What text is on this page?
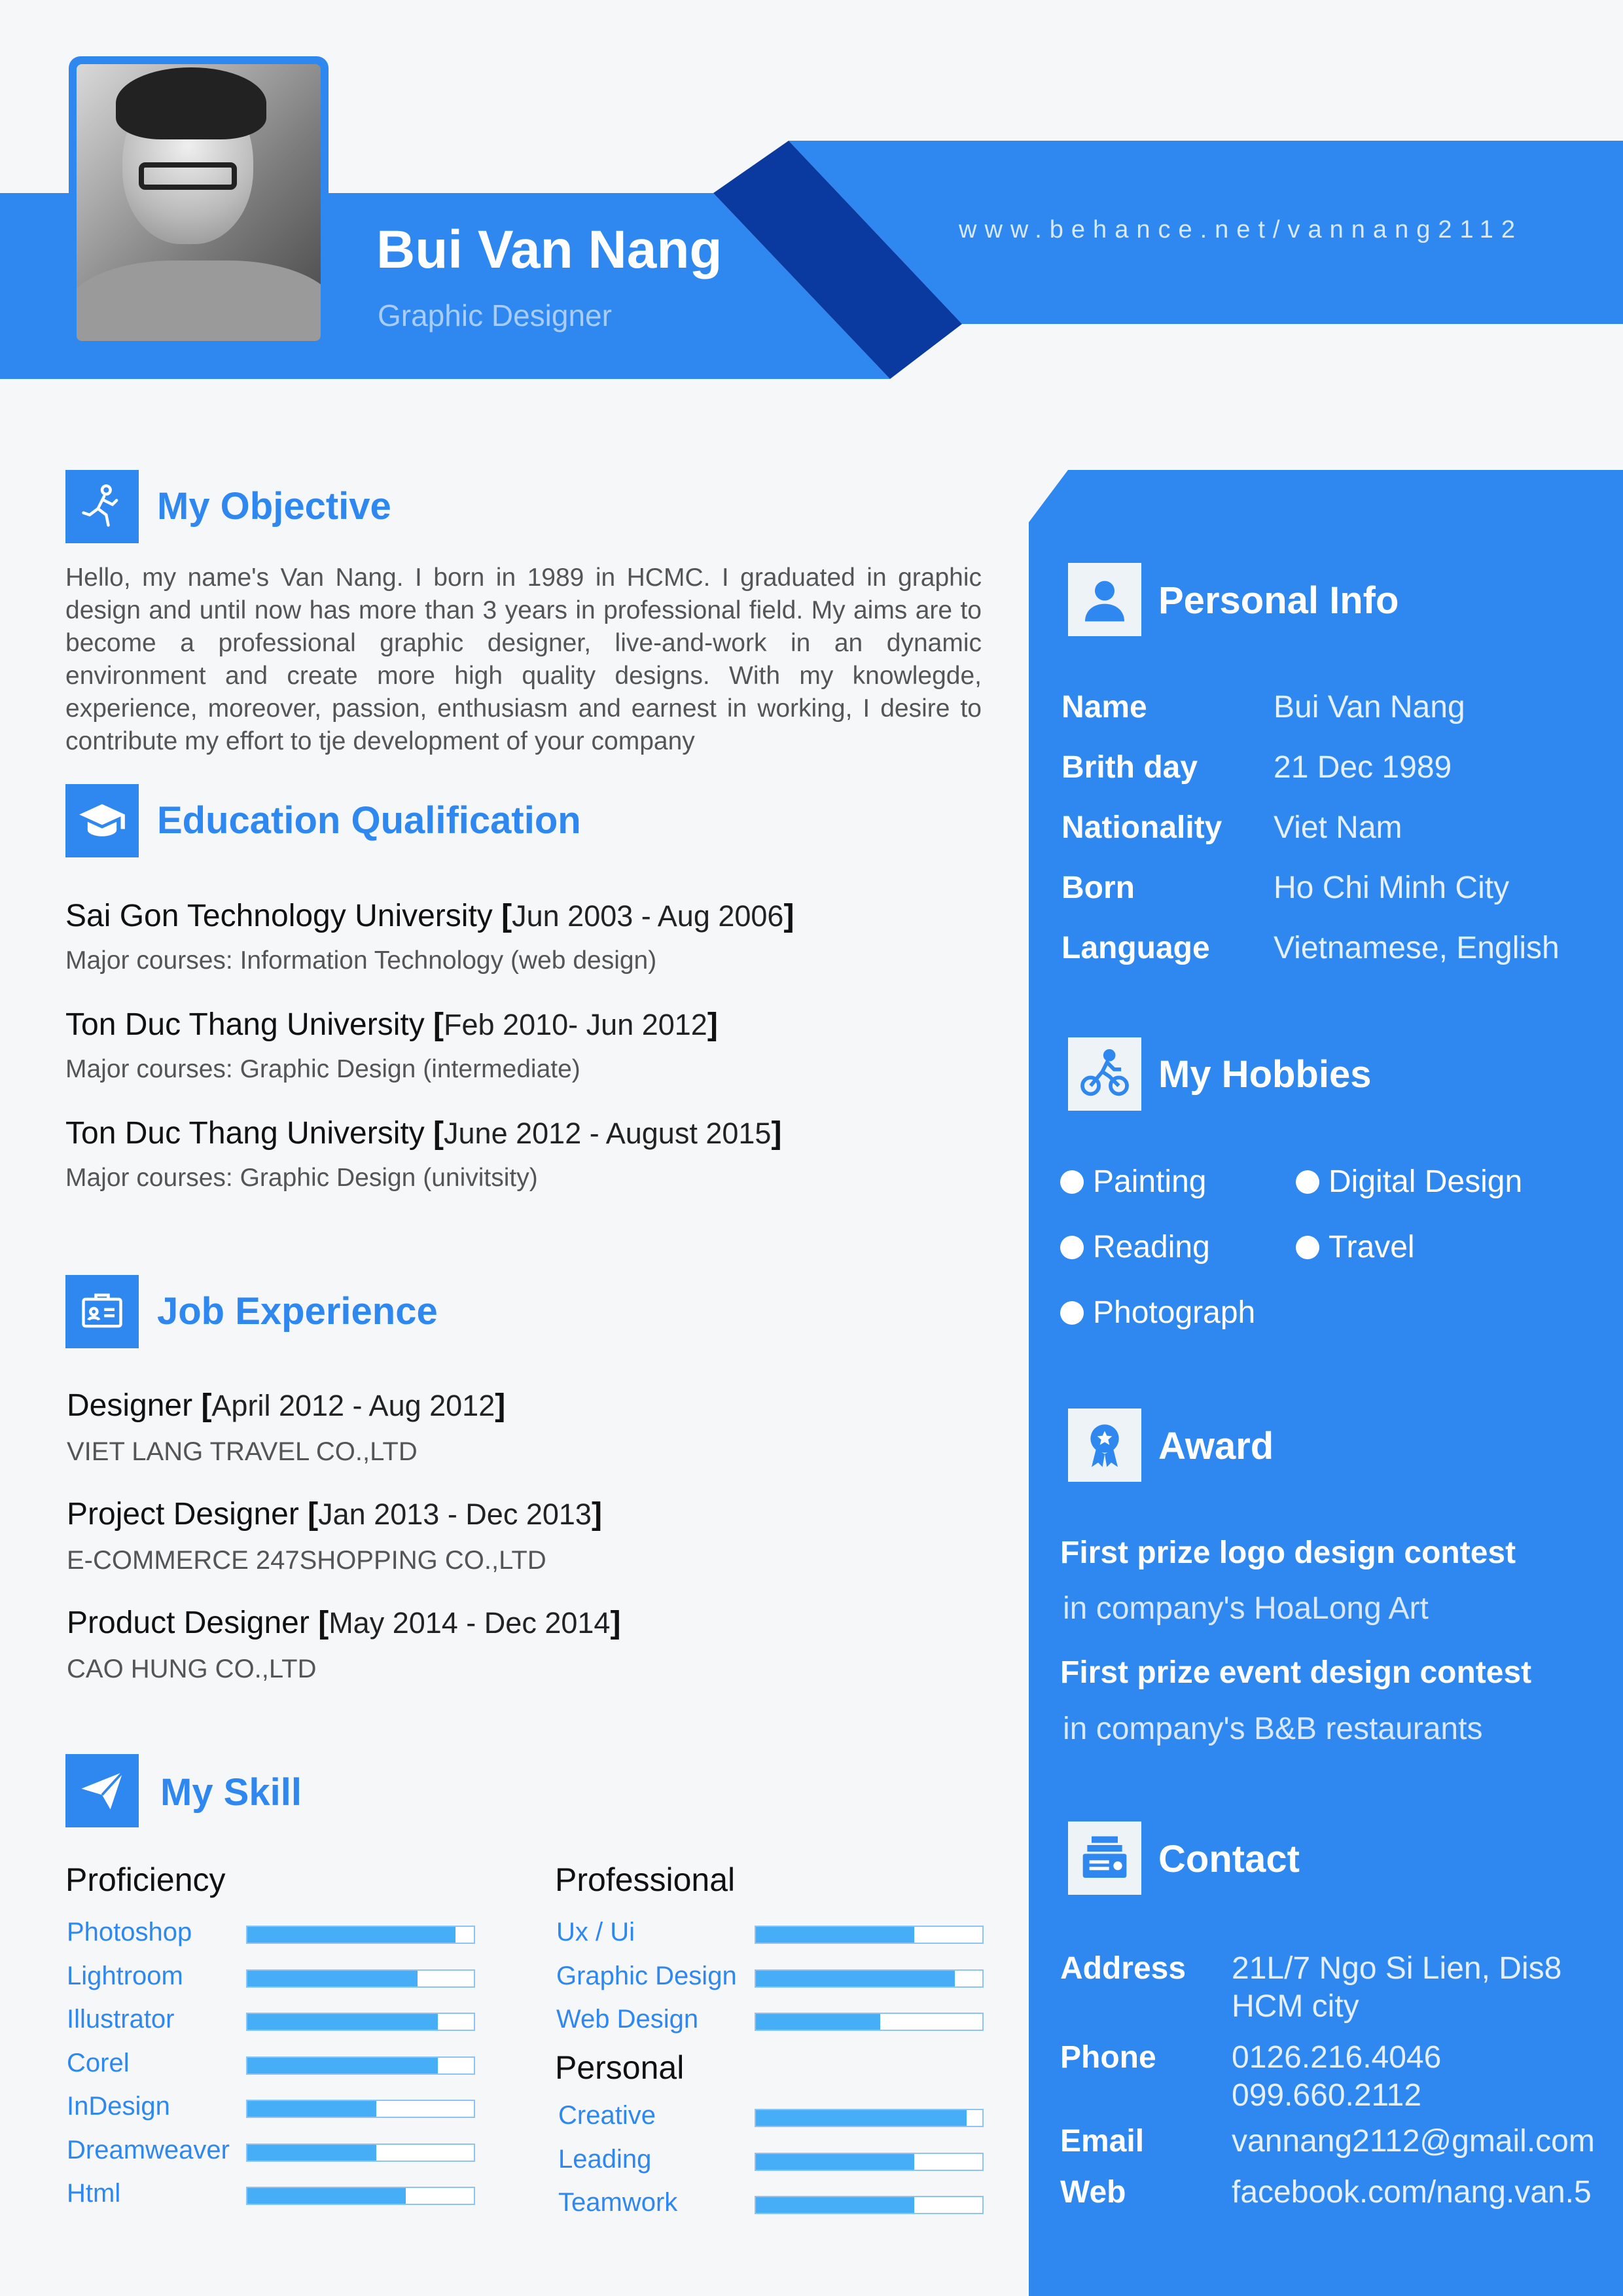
Bui Van Nang
Graphic Designer
www.behance.net/vannang2112
My Objective
Hello, my name's Van Nang. I born in 1989 in HCMC. I graduated in graphic design and until now has more than 3 years in professional field. My aims are to become a professional graphic designer, live-and-work in an dynamic environment and create more high quality designs. With my knowlegde, experience, moreover, passion, enthusiasm and earnest in working, I desire to contribute my effort to tje development of your company
Education Qualification
Sai Gon Technology University [Jun 2003 - Aug 2006]
Major courses: Information Technology (web design)
Ton Duc Thang University [Feb 2010- Jun 2012]
Major courses: Graphic Design (intermediate)
Ton Duc Thang University [June 2012 - August 2015]
Major courses: Graphic Design (univitsity)
Job Experience
Designer [April 2012 - Aug 2012]
VIET LANG TRAVEL CO.,LTD
Project Designer [Jan 2013 - Dec 2013]
E-COMMERCE 247SHOPPING CO.,LTD
Product Designer [May 2014 - Dec 2014]
CAO HUNG CO.,LTD
My Skill
Proficiency	Professional
Personal
Photoshop
Lightroom
Illustrator
Corel
InDesign
Dreamweaver
Html
Ux / Ui
Graphic Design
Web Design
Creative
Leading
Teamwork
Personal Info
Name	Bui Van Nang
Brith day 21 Dec 1989
Nationality Viet Nam
Born	Ho Chi Minh City
Language Vietnamese, English
My Hobbies
Painting	Digital Design
Reading	Travel
Photograph
Award
First prize logo design contest
in company's HoaLong Art
First prize event design contest
in company's B&B restaurants
Contact
Address 21L/7 Ngo Si Lien, Dis8
HCM city
Phone 0126.216.4046
099.660.2112
Email	vannang2112@gmail.com
Web	facebook.com/nang.van.5
